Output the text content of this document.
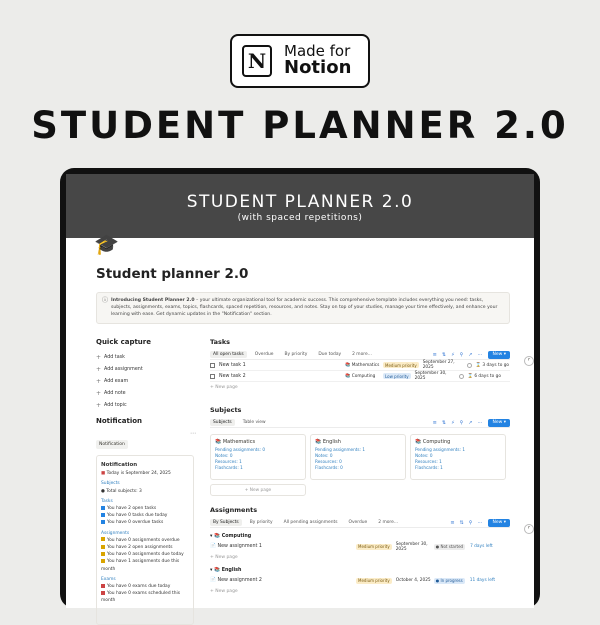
N	Made for
Notion
STUDENT PLANNER 2.0
STUDENT PLANNER 2.0
(with spaced repetitions)
🎓
Student planner 2.0
ⓘ Introducing Student Planner 2.0 – your ultimate organizational tool for academic success. This comprehensive template includes everything you need: tasks, subjects, assignments, exams, topics, flashcards, spaced repetition, resources, and notes. Stay on top of your studies, manage your time effectively, and enhance your learning with ease. Get dynamic updates in the "Notification" section.
Quick capture
+ Add task
+ Add assignment
+ Add exam
+ Add note
+ Add topic
Notification
Notification
⋯
Notification
■ Today is September 24, 2025
Subjects
● Total subjects: 3
Tasks
You have 2 open tasks
You have 0 tasks due today
You have 0 overdue tasks
Assignments
You have 0 assignments overdue
You have 2 open assignments
You have 0 assignments due today
You have 1 assignments due this month
Exams
You have 0 exams due today
You have 0 exams scheduled this month
Tasks
All open tasks	Overdue	By priority	Due today	2 more...	≡ ⇅ ⚡ ⚲ ↗ ⋯ New ▾
New task 1	📚 Mathematics	Medium priority	September 27, 2025	⌛ 3 days to go
New task 2	📚 Computing	Low priority	September 30, 2025	⌛ 6 days to go
+ New page
Subjects
Subjects	Table view	≡ ⇅ ⚡ ⚲ ↗ ⋯ New ▾
📚 Mathematics
Pending assignments: 0
Notes: 0
Resources: 1
Flashcards: 1
📚 English
Pending assignments: 1
Notes: 0
Resources: 0
Flashcards: 0
📚 Computing
Pending assignments: 1
Notes: 0
Resources: 1
Flashcards: 1
+ New page
Assignments
By Subjects	By priority	All pending assignments	Overdue	2 more...	≡ ⇅ ⚲ ⋯ New ▾
▾ 📚 Computing
📄 New assignment 1	Medium priority	September 30, 2025	● Not started	7 days left
+ New page
▾ 📚 English
📄 New assignment 2	Medium priority	October 4, 2025	● In progress	11 days left
+ New page
⌜
⌜
